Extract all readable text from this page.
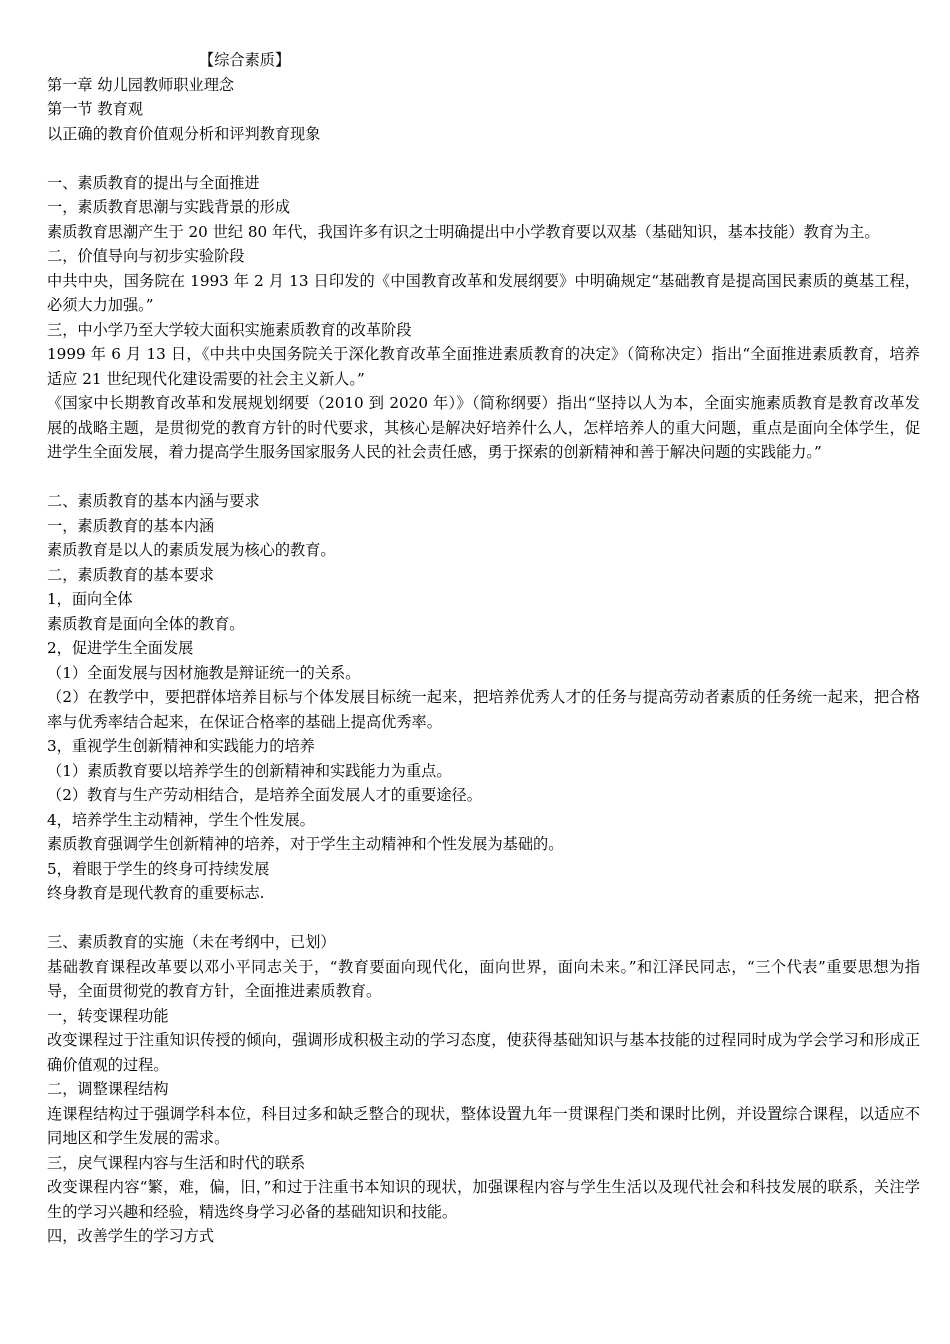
【综合素质】
第一章 幼儿园教师职业理念
第一节 教育观
以正确的教育价值观分析和评判教育现象
一、素质教育的提出与全面推进
一，素质教育思潮与实践背景的形成

素质教育思潮产生于 20 世纪 80 年代，我国许多有识之士明确提出中小学教育要以双基（基础知识，基本技能）教育为主。

二，价值导向与初步实验阶段

中共中央，国务院在 1993 年 2 月 13 日印发的《中国教育改革和发展纲要》中明确规定“基础教育是提高国民素质的奠基工程，必须大力加强。”

三，中小学乃至大学较大面积实施素质教育的改革阶段

1999 年 6 月 13 日，《中共中央国务院关于深化教育改革全面推进素质教育的决定》（简称决定）指出“全面推进素质教育，培养适应 21 世纪现代化建设需要的社会主义新人。”

《国家中长期教育改革和发展规划纲要（2010 到 2020 年）》（简称纲要）指出“坚持以人为本，全面实施素质教育是教育改革发展的战略主题，是贯彻党的教育方针的时代要求，其核心是解决好培养什么人，怎样培养人的重大问题，重点是面向全体学生，促进学生全面发展，着力提高学生服务国家服务人民的社会责任感，勇于探索的创新精神和善于解决问题的实践能力。”

二、素质教育的基本内涵与要求
一，素质教育的基本内涵

素质教育是以人的素质发展为核心的教育。

二，素质教育的基本要求
1，面向全体

素质教育是面向全体的教育。

2，促进学生全面发展

（1）全面发展与因材施教是辩证统一的关系。

（2）在教学中，要把群体培养目标与个体发展目标统一起来，把培养优秀人才的任务与提高劳动者素质的任务统一起来，把合格率与优秀率结合起来，在保证合格率的基础上提高优秀率。

3，重视学生创新精神和实践能力的培养

（1）素质教育要以培养学生的创新精神和实践能力为重点。

（2）教育与生产劳动相结合，是培养全面发展人才的重要途径。

4，培养学生主动精神，学生个性发展。

素质教育强调学生创新精神的培养，对于学生主动精神和个性发展为基础的。

5，着眼于学生的终身可持续发展

终身教育是现代教育的重要标志.

三、素质教育的实施（未在考纲中，已划）

基础教育课程改革要以邓小平同志关于，“教育要面向现代化，面向世界，面向未来。”和江泽民同志，“三个代表”重要思想为指导，全面贯彻党的教育方针，全面推进素质教育。

一，转变课程功能

改变课程过于注重知识传授的倾向，强调形成积极主动的学习态度，使获得基础知识与基本技能的过程同时成为学会学习和形成正确价值观的过程。

二，调整课程结构

连课程结构过于强调学科本位，科目过多和缺乏整合的现状，整体设置九年一贯课程门类和课时比例，并设置综合课程，以适应不同地区和学生发展的需求。

三，戾气课程内容与生活和时代的联系

改变课程内容“繁，难，偏，旧，”和过于注重书本知识的现状，加强课程内容与学生生活以及现代社会和科技发展的联系，关注学生的学习兴趣和经验，精选终身学习必备的基础知识和技能。

四，改善学生的学习方式
